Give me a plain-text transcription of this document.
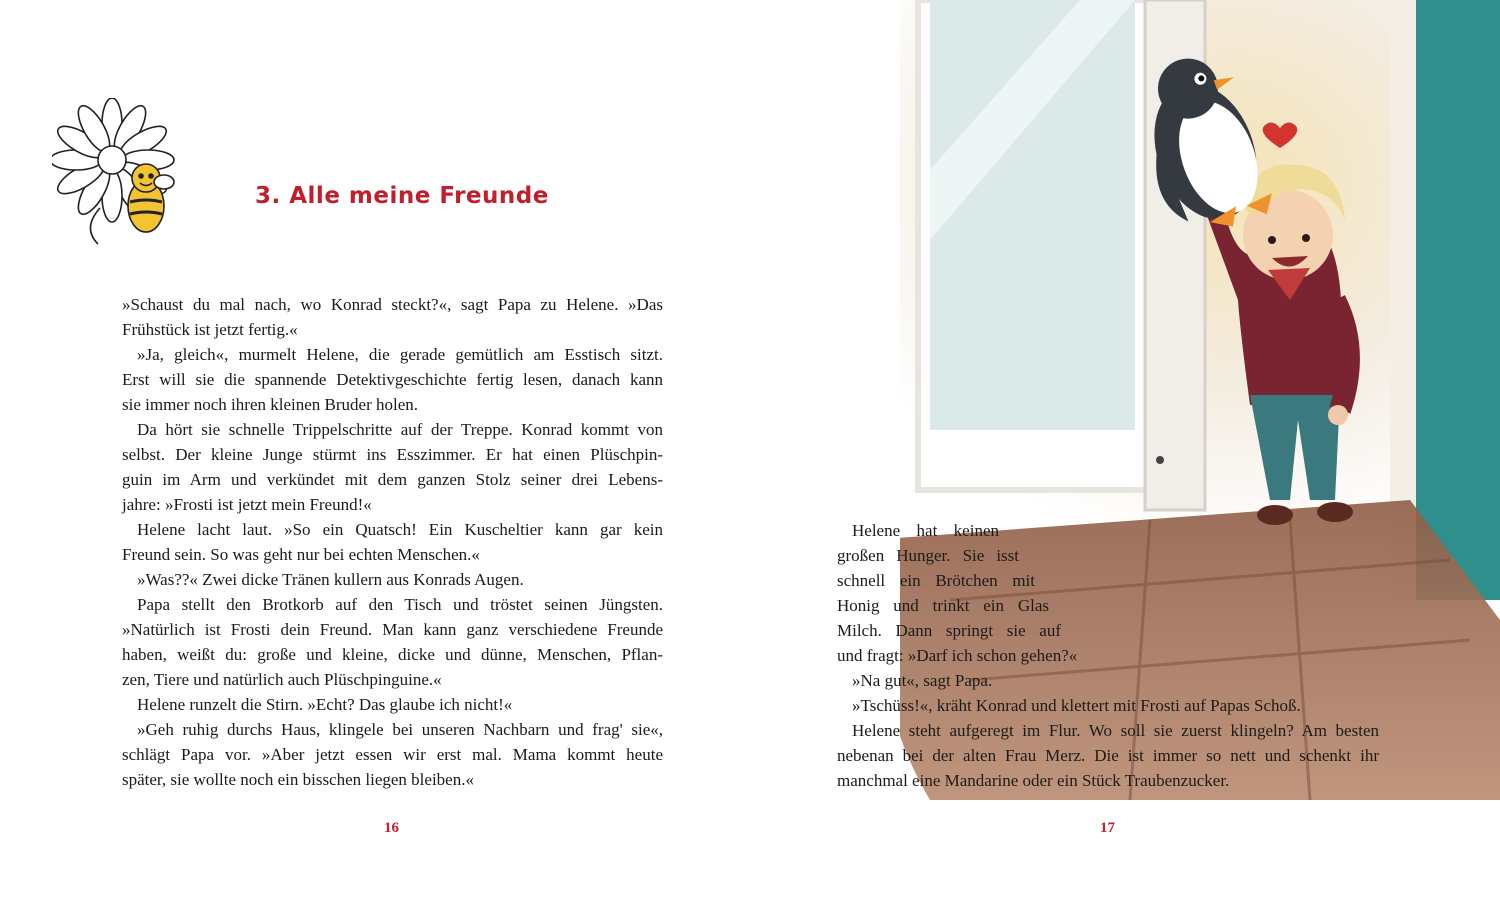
3. Alle meine Freunde

»Schaust du mal nach, wo Konrad steckt?«, sagt Papa zu Helene. »Das

Frühstück ist jetzt fertig.«

»Ja, gleich«, murmelt Helene, die gerade gemütlich am Esstisch sitzt.

Erst will sie die spannende Detektivgeschichte fertig lesen, danach kann

sie immer noch ihren kleinen Bruder holen.

Da hört sie schnelle Trippelschritte auf der Treppe. Konrad kommt von

selbst. Der kleine Junge stürmt ins Esszimmer. Er hat einen Plüschpin-

guin im Arm und verkündet mit dem ganzen Stolz seiner drei Lebens-

jahre: »Frosti ist jetzt mein Freund!«

Helene lacht laut. »So ein Quatsch! Ein Kuscheltier kann gar kein

Freund sein. So was geht nur bei echten Menschen.«

»Was??« Zwei dicke Tränen kullern aus Konrads Augen.

Papa stellt den Brotkorb auf den Tisch und tröstet seinen Jüngsten.

»Natürlich ist Frosti dein Freund. Man kann ganz verschiedene Freunde

haben, weißt du: große und kleine, dicke und dünne, Menschen, Pflan-

zen, Tiere und natürlich auch Plüschpinguine.«

Helene runzelt die Stirn. »Echt? Das glaube ich nicht!«

»Geh ruhig durchs Haus, klingele bei unseren Nachbarn und frag' sie«,

schlägt Papa vor. »Aber jetzt essen wir erst mal. Mama kommt heute

später, sie wollte noch ein bisschen liegen bleiben.«

16	17

Helene hat keinen

großen Hunger. Sie isst

schnell ein Brötchen mit

Honig und trinkt ein Glas

Milch. Dann springt sie auf

und fragt: »Darf ich schon gehen?«

»Na gut«, sagt Papa.

»Tschüss!«, kräht Konrad und klettert mit Frosti auf Papas Schoß.

Helene steht aufgeregt im Flur. Wo soll sie zuerst klingeln? Am besten

nebenan bei der alten Frau Merz. Die ist immer so nett und schenkt ihr

manchmal eine Mandarine oder ein Stück Traubenzucker.
